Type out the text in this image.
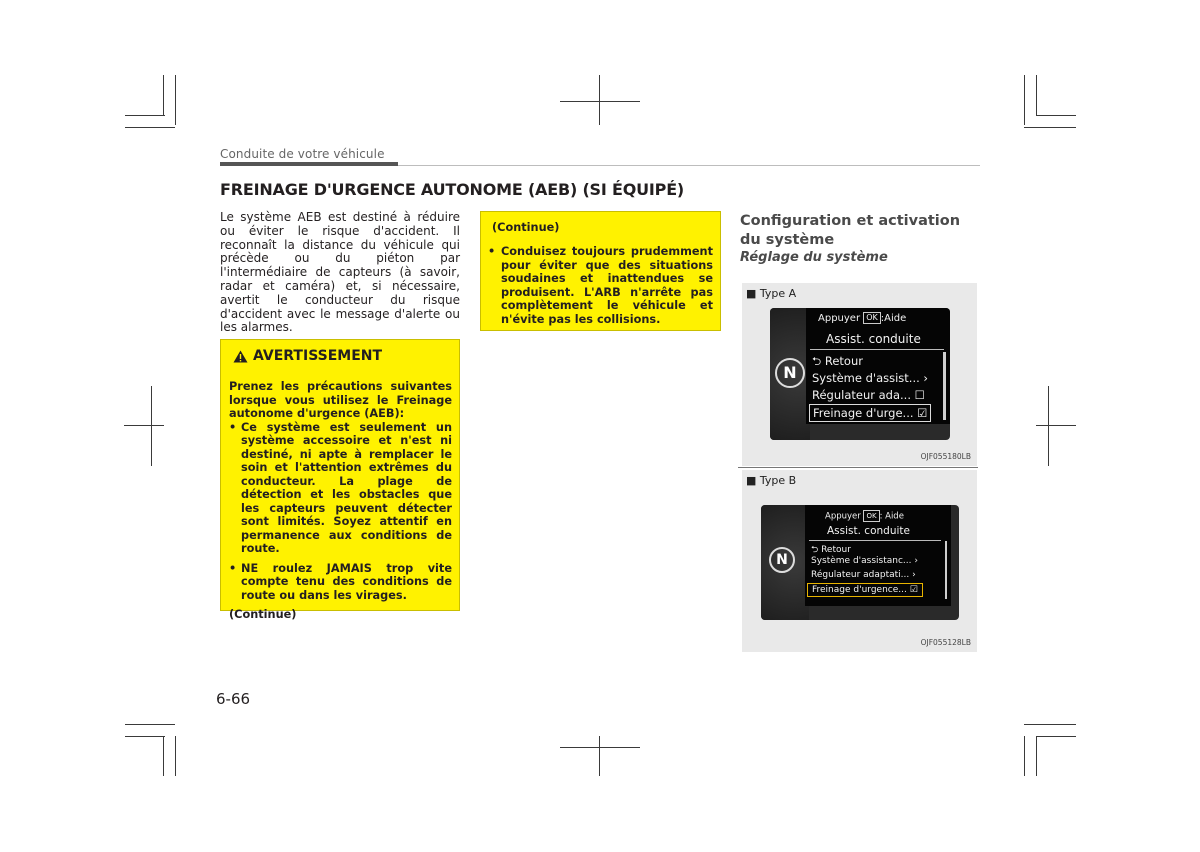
Conduite de votre véhicule
FREINAGE D'URGENCE AUTONOME (AEB) (SI ÉQUIPÉ)
Le système AEB est destiné à réduire ou éviter le risque d'accident. Il reconnaît la distance du véhicule qui précède ou du piéton par l'intermédiaire de capteurs (à savoir, radar et caméra) et, si nécessaire, avertit le conducteur du risque d'accident avec le message d'alerte ou les alarmes.
AVERTISSEMENT

Prenez les précautions suivantes lorsque vous utilisez le Freinage autonome d'urgence (AEB):

• Ce système est seulement un système accessoire et n'est ni destiné, ni apte à remplacer le soin et l'attention extrêmes du conducteur. La plage de détection et les obstacles que les capteurs peuvent détecter sont limités. Soyez attentif en permanence aux conditions de route.
• NE roulez JAMAIS trop vite compte tenu des conditions de route ou dans les virages.

(Continue)

(Continue)
• Conduisez toujours prudemment pour éviter que des situations soudaines et inattendues se produisent. L'ARB n'arrête pas complètement le véhicule et n'évite pas les collisions.
Configuration et activation du système
Réglage du système
■ Type A
N
Appuyer OK :Aide
Assist. conduite
⮌ Retour
Système d'assist... ›
Régulateur ada... ☐
Freinage d'urge... ☑
OJF055180LB
■ Type B
N
Appuyer OK : Aide
Assist. conduite
⮌ Retour
Système d'assistanc... ›
Régulateur adaptati... ›
Freinage d'urgence... ☑
OJF055128LB
6-66
